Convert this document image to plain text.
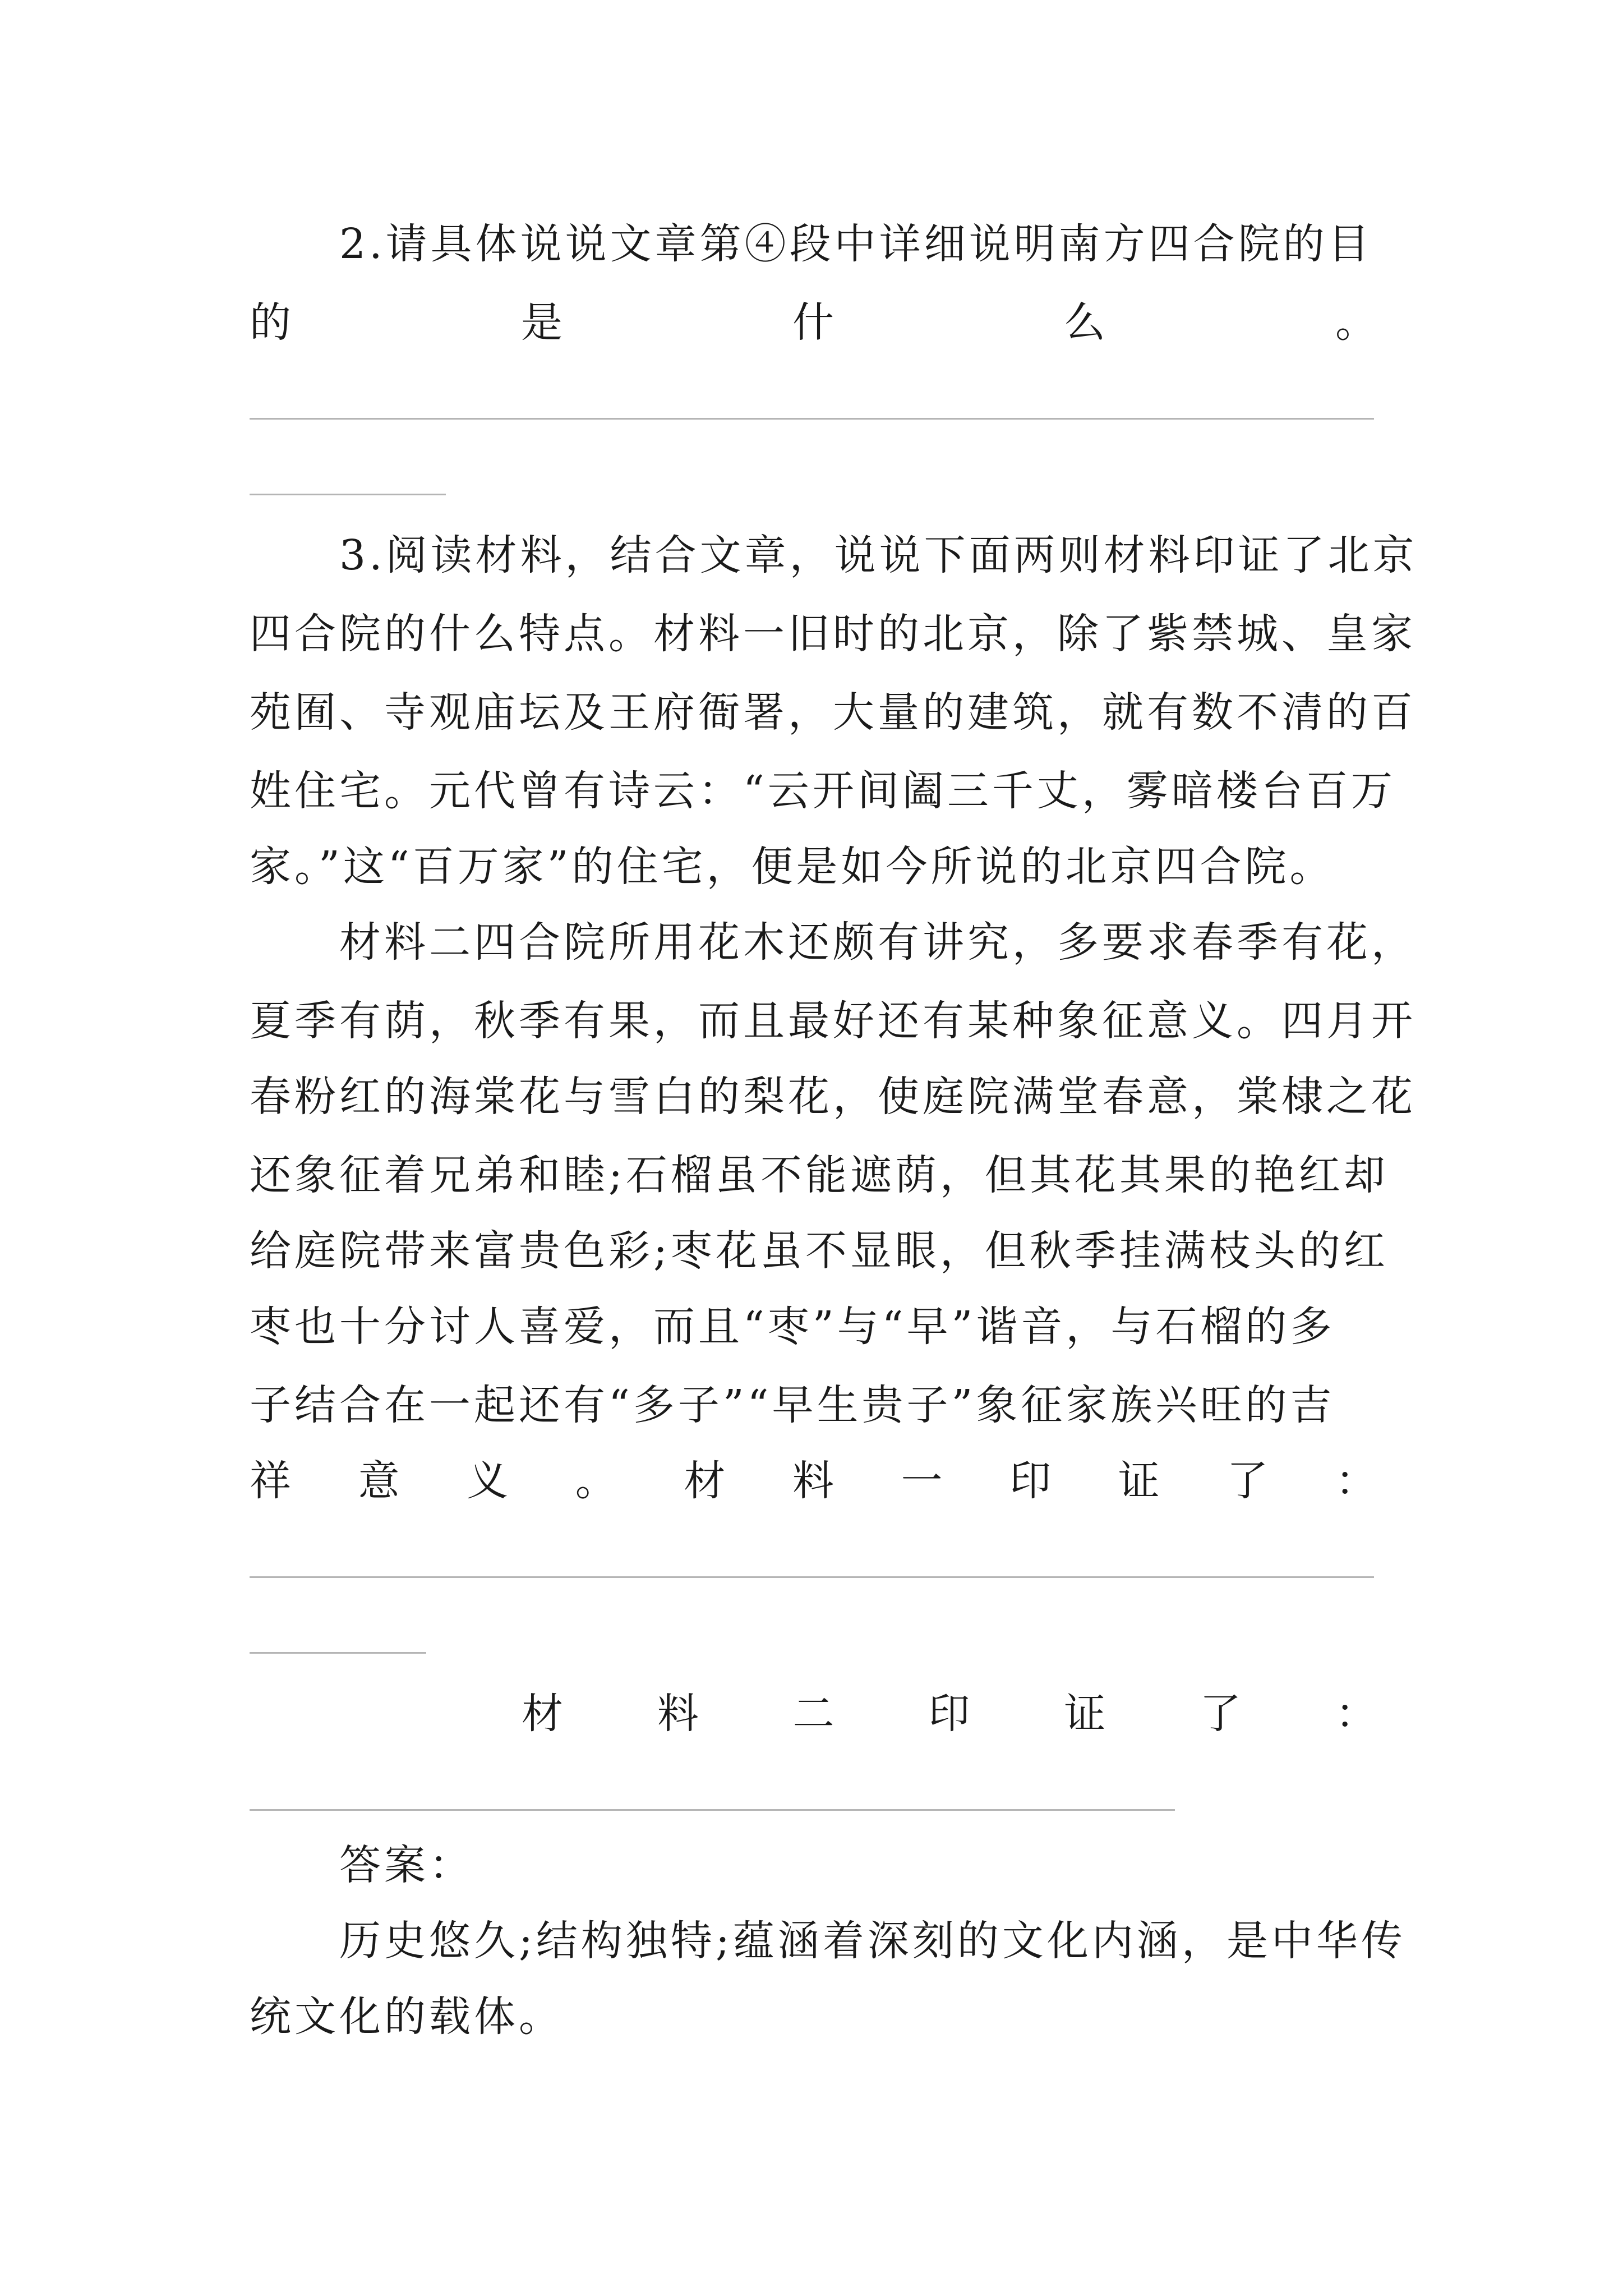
2.请具体说说文章第④段中详细说明南方四合院的目
的	是	什	么	。
3.阅读材料，结合文章，说说下面两则材料印证了北京
四合院的什么特点。材料一旧时的北京，除了紫禁城、皇家
苑囿、寺观庙坛及王府衙署，大量的建筑，就有数不清的百
姓住宅。元代曾有诗云：“云开间阖三千丈，雾暗楼台百万
家。”这“百万家”的住宅，便是如今所说的北京四合院。
材料二四合院所用花木还颇有讲究，多要求春季有花，
夏季有荫，秋季有果，而且最好还有某种象征意义。四月开
春粉红的海棠花与雪白的梨花，使庭院满堂春意，棠棣之花
还象征着兄弟和睦;石榴虽不能遮荫，但其花其果的艳红却
给庭院带来富贵色彩;枣花虽不显眼，但秋季挂满枝头的红
枣也十分讨人喜爱，而且“枣”与“早”谐音，与石榴的多
子结合在一起还有“多子”“早生贵子”象征家族兴旺的吉
祥 意 义 。 材 料 一 印 证 了 ：
材 料 二 印 证 了 ：
答案：
历史悠久;结构独特;蕴涵着深刻的文化内涵，是中华传
统文化的载体。
